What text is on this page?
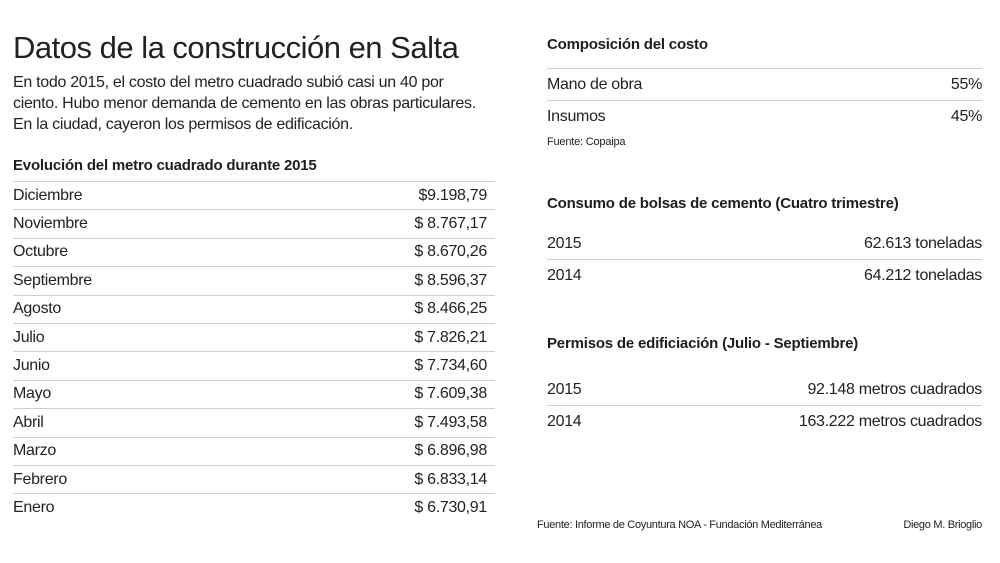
Datos de la construcción en Salta

En todo 2015, el costo del metro cuadrado subió casi un 40 por
ciento. Hubo menor demanda de cemento en las obras particulares.
En la ciudad, cayeron los permisos de edificación.

Evolución del metro cuadrado durante 2015
Diciembre	$9.198,79
Noviembre	$ 8.767,17
Octubre	$ 8.670,26
Septiembre	$ 8.596,37
Agosto	$ 8.466,25
Julio	$ 7.826,21
Junio	$ 7.734,60
Mayo	$ 7.609,38
Abril	$ 7.493,58
Marzo	$ 6.896,98
Febrero	$ 6.833,14
Enero	$ 6.730,91
Composición del costo
Mano de obra	55%
Insumos	45%
Fuente: Copaipa
Consumo de bolsas de cemento (Cuatro trimestre)
2015	62.613 toneladas
2014	64.212 toneladas
Permisos de edificiación (Julio - Septiembre)
2015	92.148 metros cuadrados
2014	163.222 metros cuadrados
Fuente: Informe de Coyuntura NOA - Fundación Mediterránea	Diego M. Brioglio
